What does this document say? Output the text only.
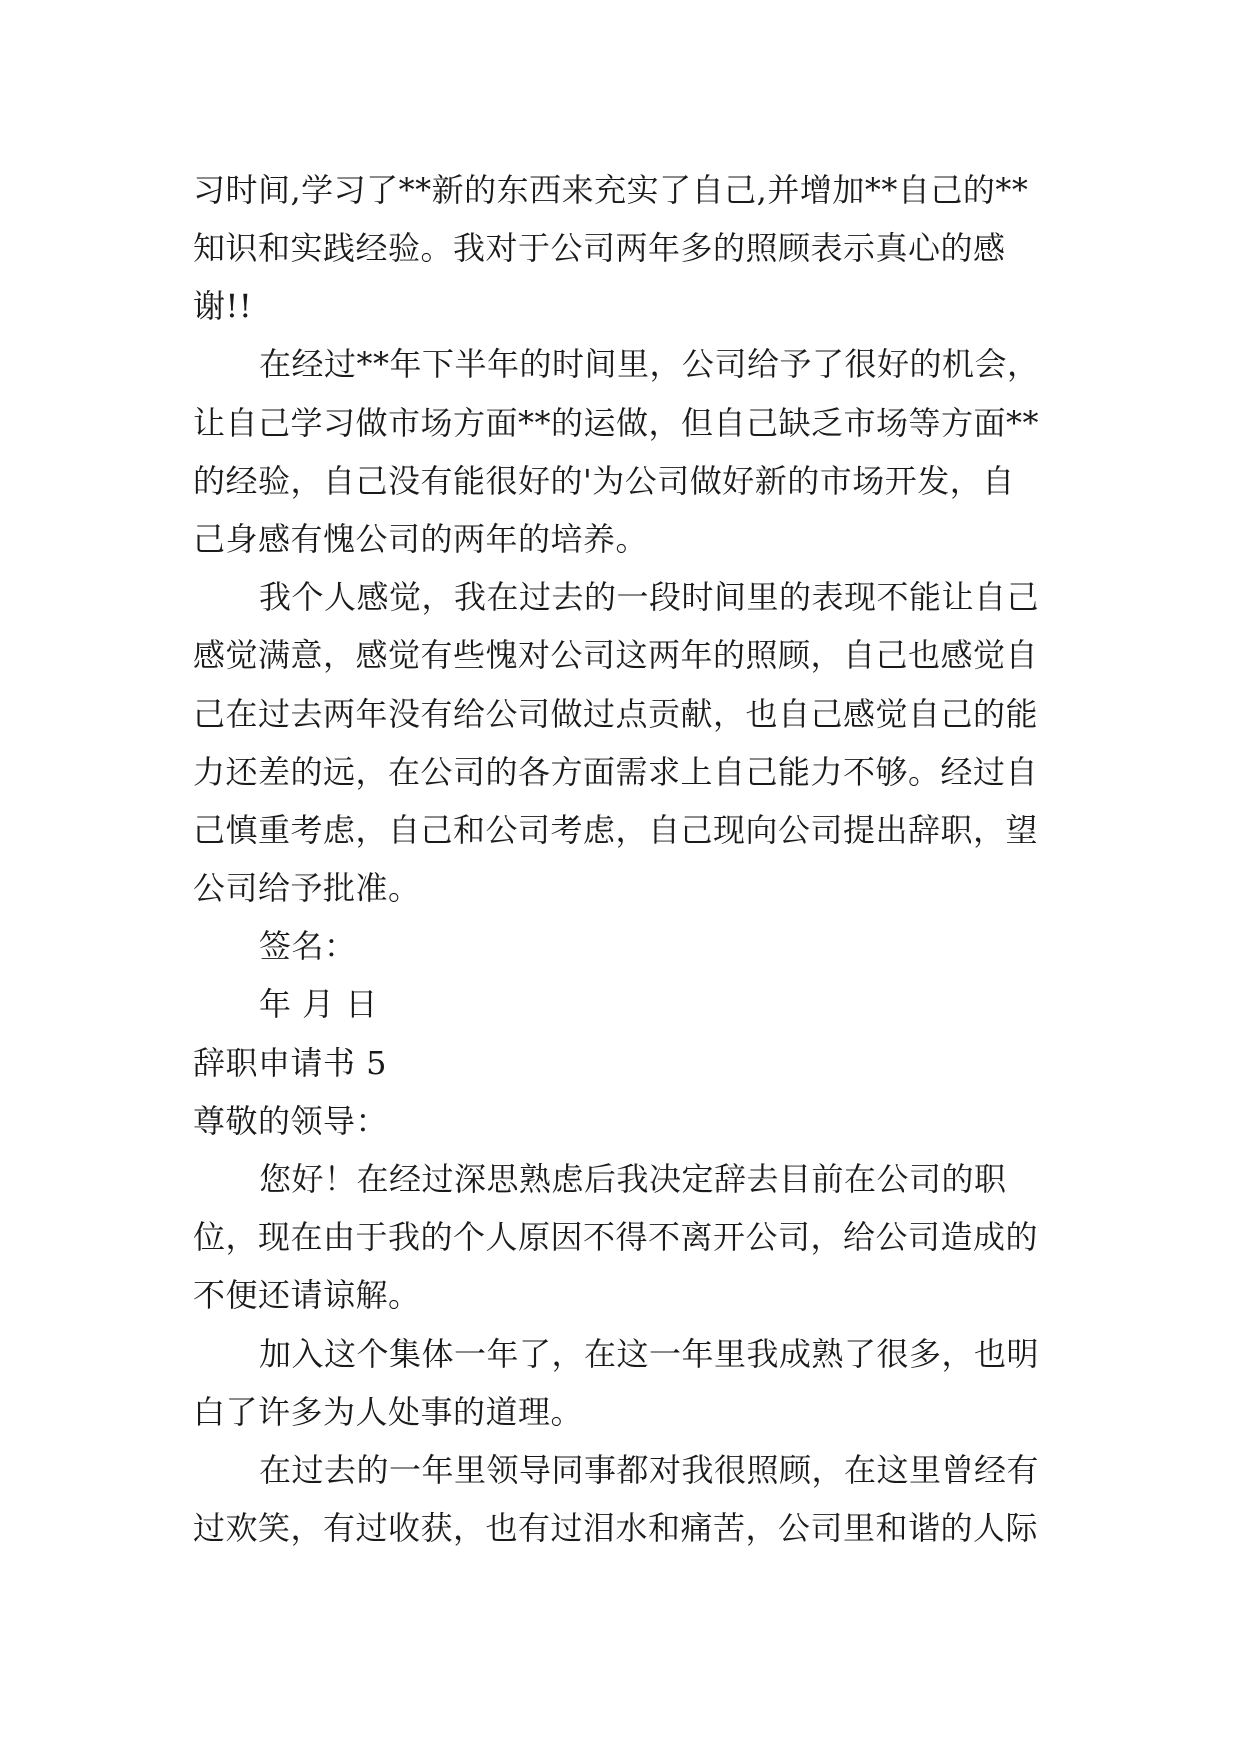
习时间,学习了**新的东西来充实了自己,并增加**自己的**
知识和实践经验。我对于公司两年多的照顾表示真心的感
谢!!
在经过**年下半年的时间里，公司给予了很好的机会，
让自己学习做市场方面**的运做，但自己缺乏市场等方面**
的经验，自己没有能很好的'为公司做好新的市场开发，自
己身感有愧公司的两年的培养。
我个人感觉，我在过去的一段时间里的表现不能让自己
感觉满意，感觉有些愧对公司这两年的照顾，自己也感觉自
己在过去两年没有给公司做过点贡献，也自己感觉自己的能
力还差的远，在公司的各方面需求上自己能力不够。经过自
己慎重考虑，自己和公司考虑，自己现向公司提出辞职，望
公司给予批准。
签名：
年 月 日
辞职申请书 5
尊敬的领导：
您好！在经过深思熟虑后我决定辞去目前在公司的职
位，现在由于我的个人原因不得不离开公司，给公司造成的
不便还请谅解。
加入这个集体一年了，在这一年里我成熟了很多，也明
白了许多为人处事的道理。
在过去的一年里领导同事都对我很照顾，在这里曾经有
过欢笑，有过收获，也有过泪水和痛苦，公司里和谐的人际
